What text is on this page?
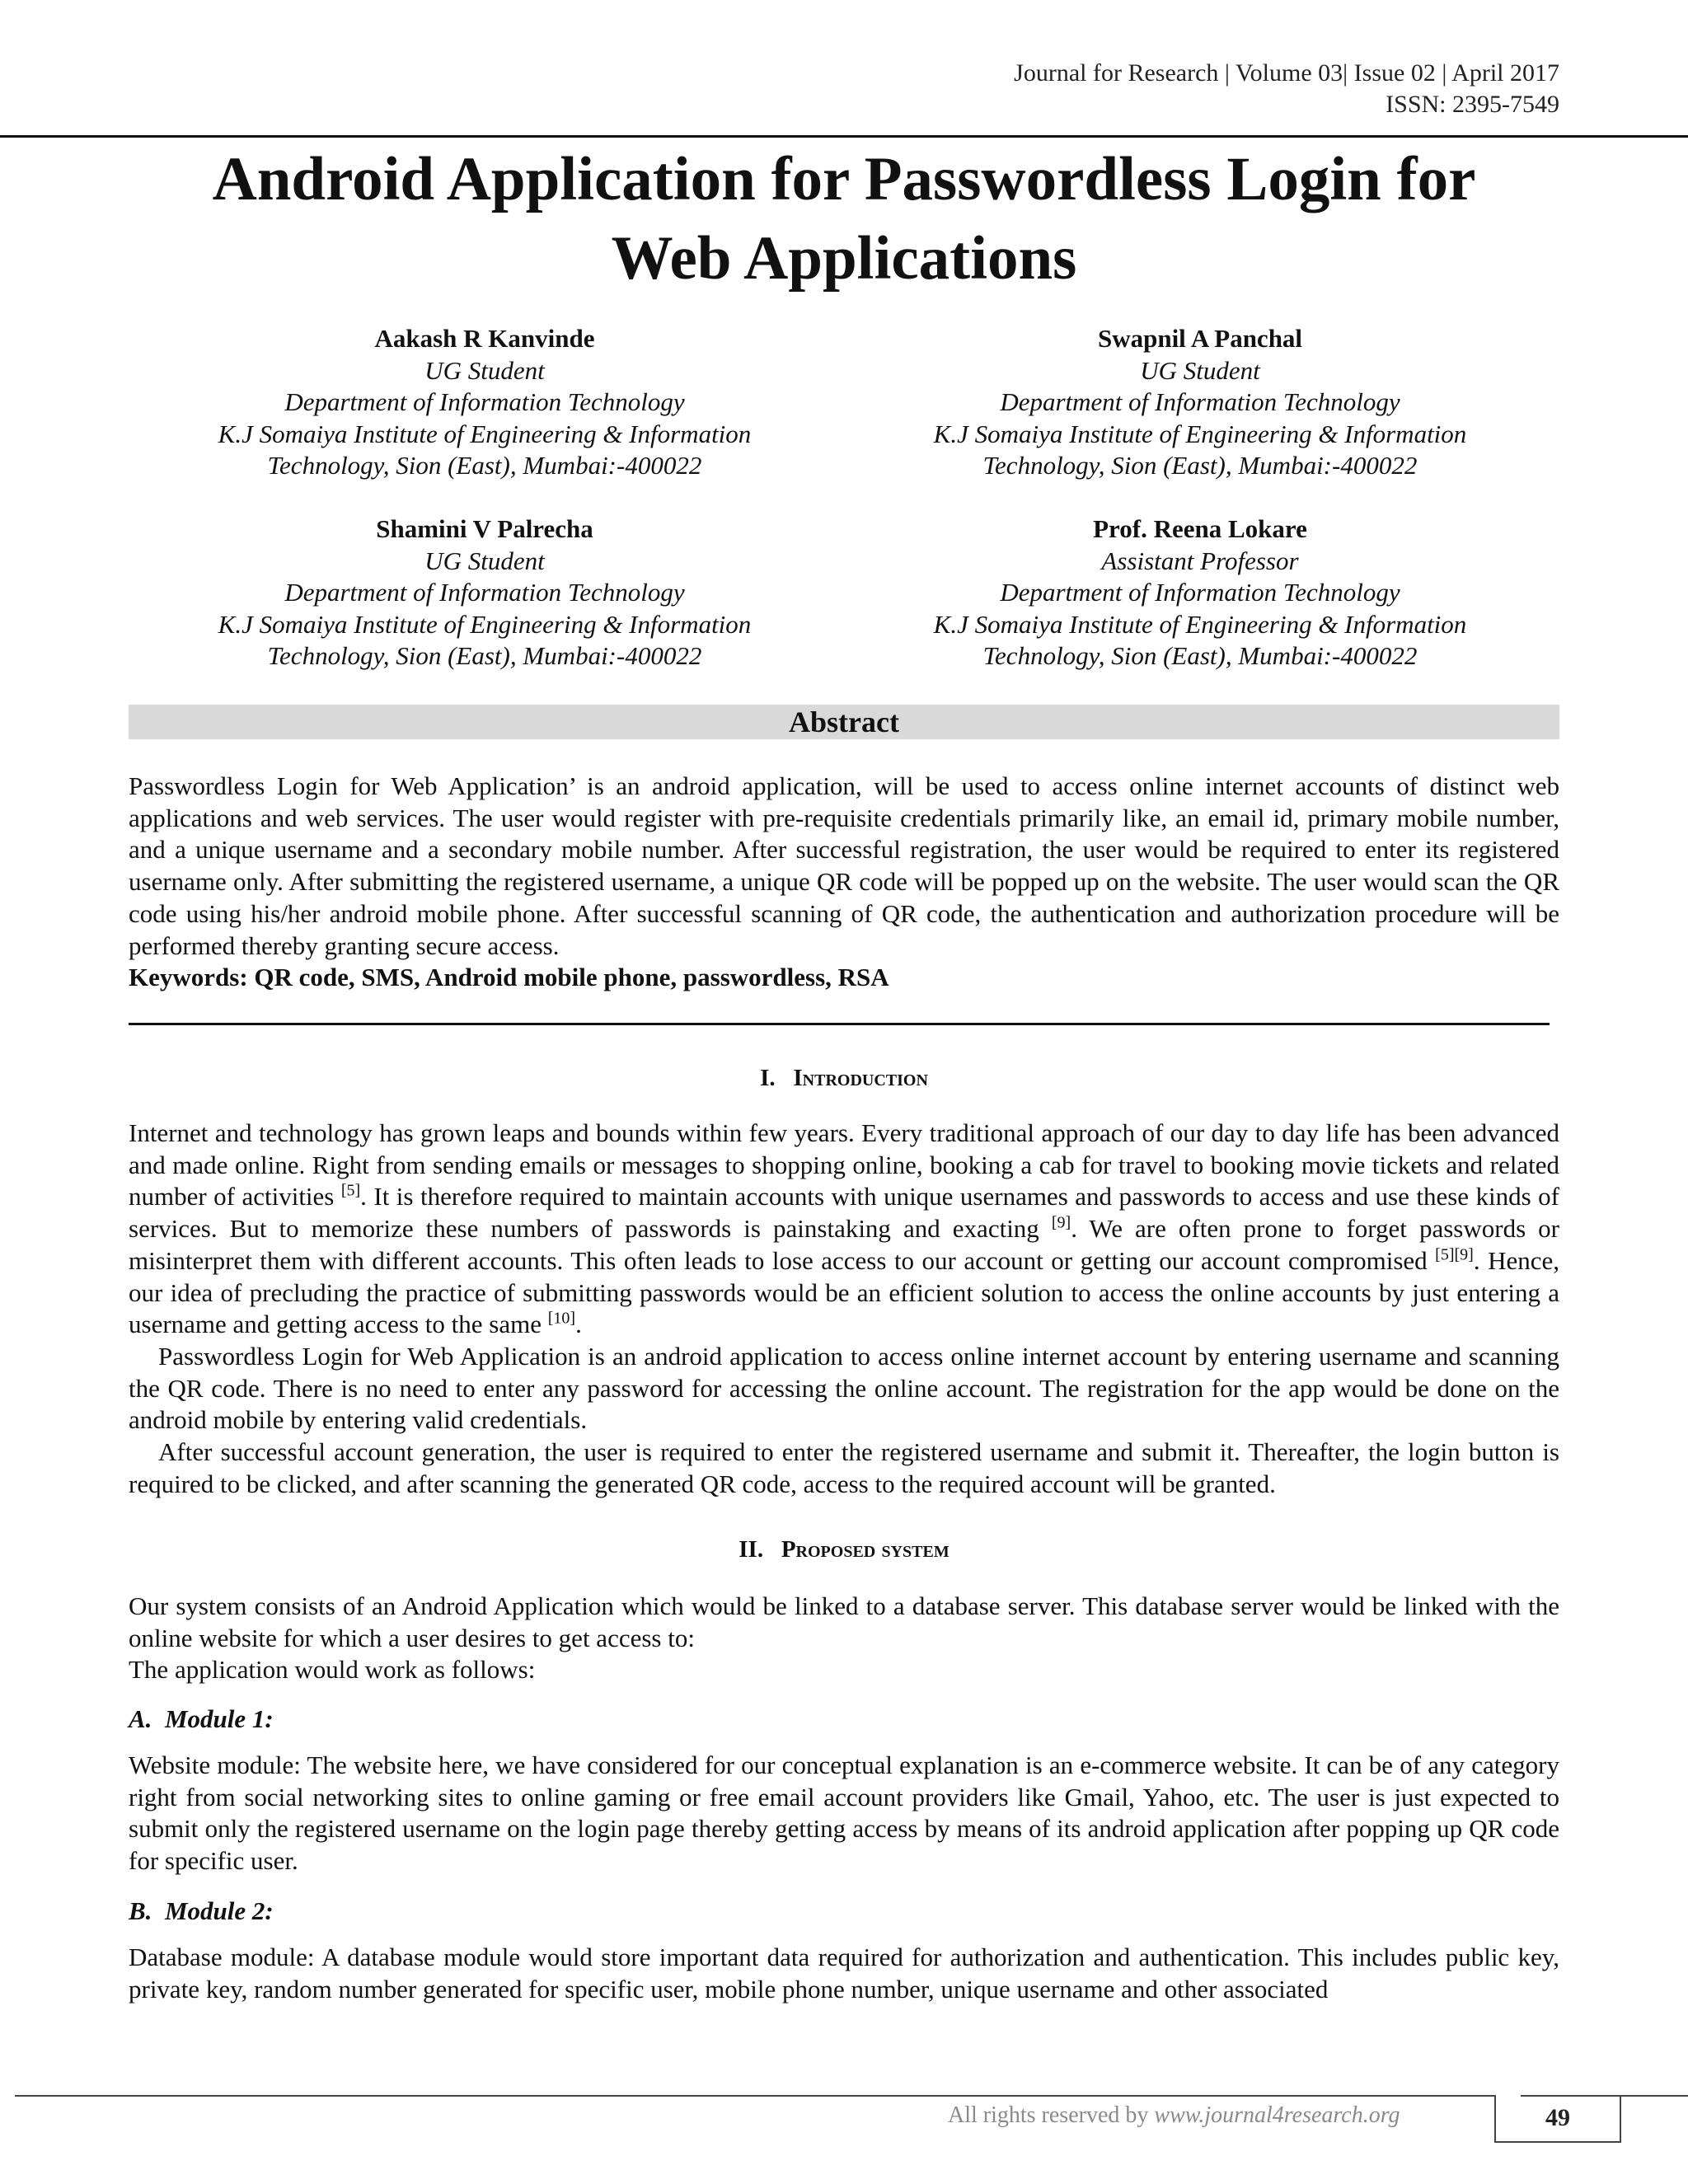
Journal for Research | Volume 03| Issue 02 | April 2017
ISSN: 2395-7549
Android Application for Passwordless Login for
Web Applications
Aakash R Kanvinde
UG Student
Department of Information Technology
K.J Somaiya Institute of Engineering & Information
Technology, Sion (East), Mumbai:-400022
Swapnil A Panchal
UG Student
Department of Information Technology
K.J Somaiya Institute of Engineering & Information
Technology, Sion (East), Mumbai:-400022
Shamini V Palrecha
UG Student
Department of Information Technology
K.J Somaiya Institute of Engineering & Information
Technology, Sion (East), Mumbai:-400022
Prof. Reena Lokare
Assistant Professor
Department of Information Technology
K.J Somaiya Institute of Engineering & Information
Technology, Sion (East), Mumbai:-400022
Abstract

Passwordless Login for Web Application’ is an android application, will be used to access online internet accounts of distinct web applications and web services. The user would register with pre-requisite credentials primarily like, an email id, primary mobile number, and a unique username and a secondary mobile number. After successful registration, the user would be required to enter its registered username only. After submitting the registered username, a unique QR code will be popped up on the website. The user would scan the QR code using his/her android mobile phone. After successful scanning of QR code, the authentication and authorization procedure will be performed thereby granting secure access.

Keywords: QR code, SMS, Android mobile phone, passwordless, RSA

I. Introduction

Internet and technology has grown leaps and bounds within few years. Every traditional approach of our day to day life has been advanced and made online. Right from sending emails or messages to shopping online, booking a cab for travel to booking movie tickets and related number of activities [5]. It is therefore required to maintain accounts with unique usernames and passwords to access and use these kinds of services. But to memorize these numbers of passwords is painstaking and exacting [9]. We are often prone to forget passwords or misinterpret them with different accounts. This often leads to lose access to our account or getting our account compromised [5][9]. Hence, our idea of precluding the practice of submitting passwords would be an efficient solution to access the online accounts by just entering a username and getting access to the same [10].

Passwordless Login for Web Application is an android application to access online internet account by entering username and scanning the QR code. There is no need to enter any password for accessing the online account. The registration for the app would be done on the android mobile by entering valid credentials.

After successful account generation, the user is required to enter the registered username and submit it. Thereafter, the login button is required to be clicked, and after scanning the generated QR code, access to the required account will be granted.

II. Proposed system

Our system consists of an Android Application which would be linked to a database server. This database server would be linked with the online website for which a user desires to get access to:

The application would work as follows:

A. Module 1:

Website module: The website here, we have considered for our conceptual explanation is an e-commerce website. It can be of any category right from social networking sites to online gaming or free email account providers like Gmail, Yahoo, etc. The user is just expected to submit only the registered username on the login page thereby getting access by means of its android application after popping up QR code for specific user.

B. Module 2:

Database module: A database module would store important data required for authorization and authentication. This includes public key, private key, random number generated for specific user, mobile phone number, unique username and other associated

All rights reserved by www.journal4research.org	49
